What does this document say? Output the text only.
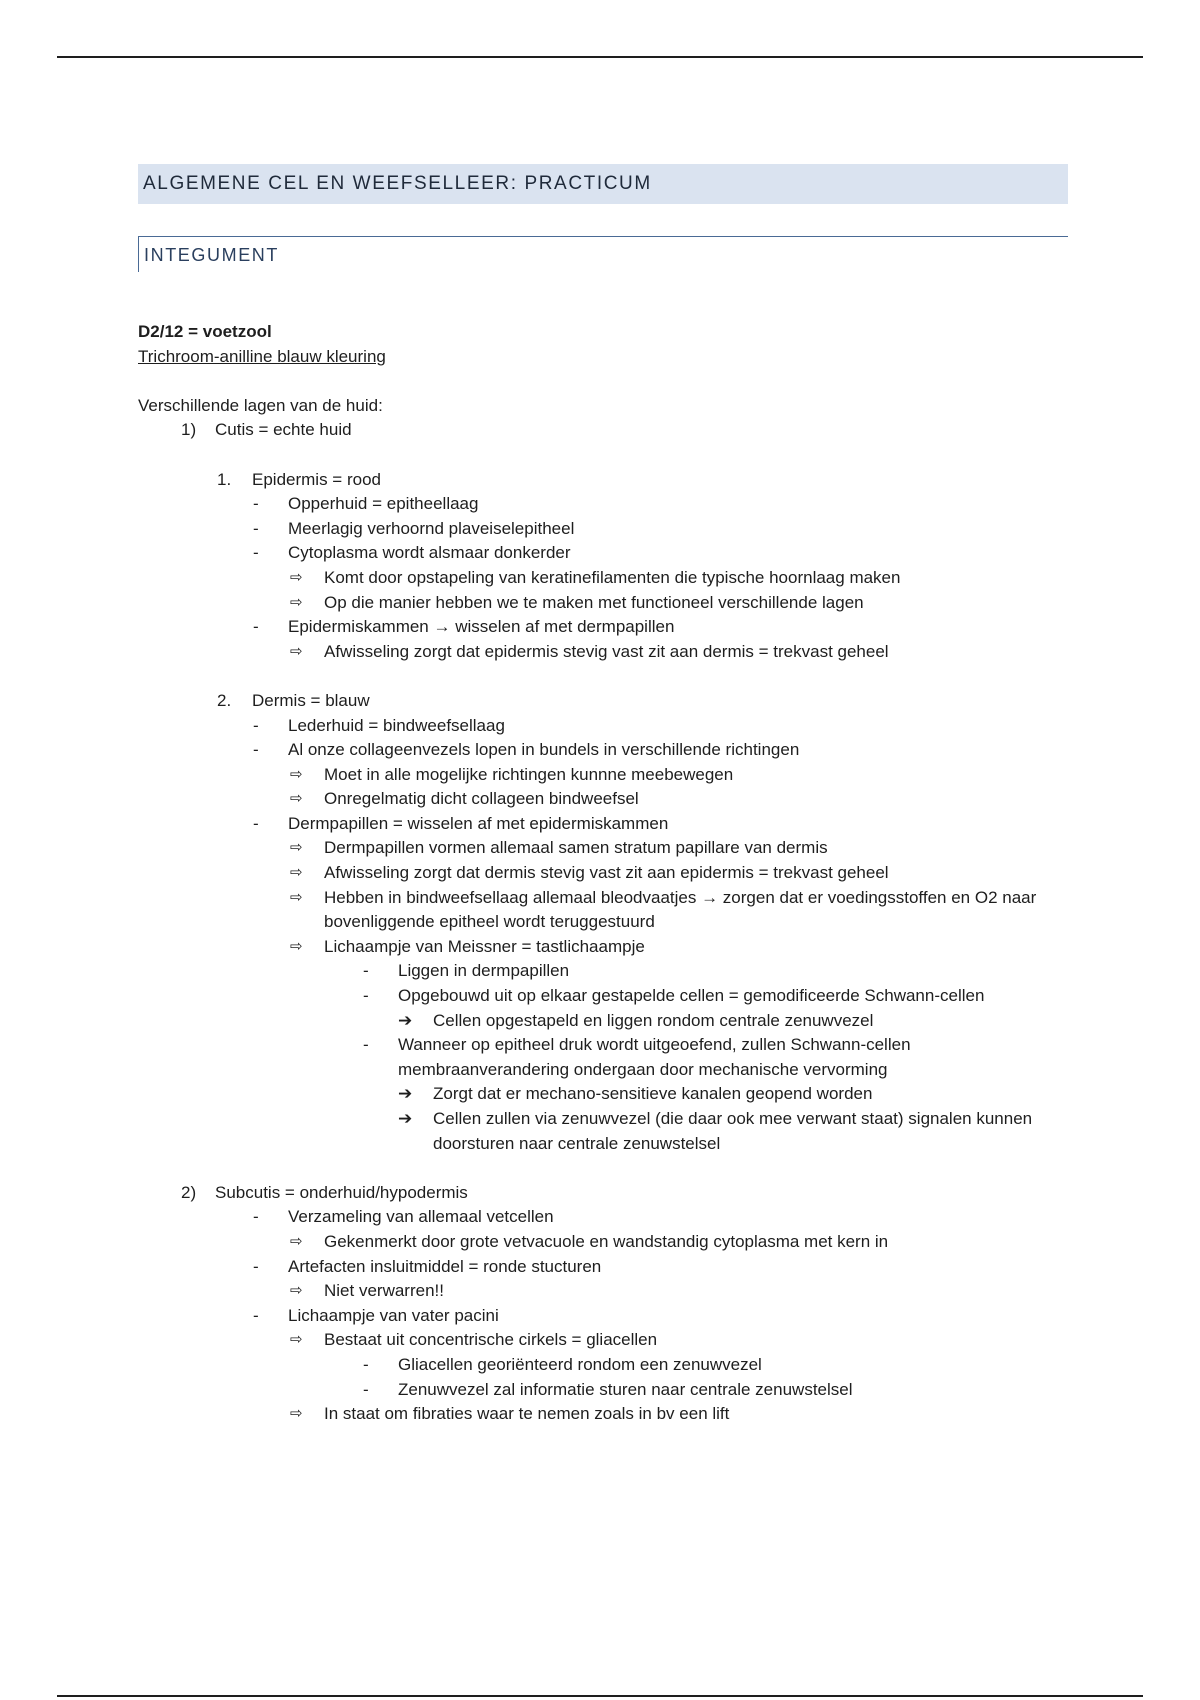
ALGEMENE CEL EN WEEFSELLEER: PRACTICUM
INTEGUMENT
D2/12 = voetzool
Trichroom-anilline blauw kleuring
Verschillende lagen van de huid:
1)	Cutis = echte huid
1.	Epidermis = rood
-	Opperhuid = epitheellaag
-	Meerlagig verhoornd plaveiselepitheel
-	Cytoplasma wordt alsmaar donkerder
⇨	Komt door opstapeling van keratinefilamenten die typische hoornlaag maken
⇨	Op die manier hebben we te maken met functioneel verschillende lagen
-	Epidermiskammen → wisselen af met dermpapillen
⇨	Afwisseling zorgt dat epidermis stevig vast zit aan dermis = trekvast geheel
2.	Dermis = blauw
-	Lederhuid = bindweefsellaag
-	Al onze collageenvezels lopen in bundels in verschillende richtingen
⇨	Moet in alle mogelijke richtingen kunnne meebewegen
⇨	Onregelmatig dicht collageen bindweefsel
-	Dermpapillen = wisselen af met epidermiskammen
⇨	Dermpapillen vormen allemaal samen stratum papillare van dermis
⇨	Afwisseling zorgt dat dermis stevig vast zit aan epidermis = trekvast geheel
⇨	Hebben in bindweefsellaag allemaal bleodvaatjes → zorgen dat er voedingsstoffen en O2 naar bovenliggende epitheel wordt teruggestuurd
⇨	Lichaampje van Meissner = tastlichaampje
-	Liggen in dermpapillen
-	Opgebouwd uit op elkaar gestapelde cellen = gemodificeerde Schwann-cellen
➔	Cellen opgestapeld en liggen rondom centrale zenuwvezel
-	Wanneer op epitheel druk wordt uitgeoefend, zullen Schwann-cellen membraanverandering ondergaan door mechanische vervorming
➔	Zorgt dat er mechano-sensitieve kanalen geopend worden
➔	Cellen zullen via zenuwvezel (die daar ook mee verwant staat) signalen kunnen doorsturen naar centrale zenuwstelsel
2)	Subcutis = onderhuid/hypodermis
-	Verzameling van allemaal vetcellen
⇨	Gekenmerkt door grote vetvacuole en wandstandig cytoplasma met kern in
-	Artefacten insluitmiddel = ronde stucturen
⇨	Niet verwarren!!
-	Lichaampje van vater pacini
⇨	Bestaat uit concentrische cirkels = gliacellen
-	Gliacellen georiënteerd rondom een zenuwvezel
-	Zenuwvezel zal informatie sturen naar centrale zenuwstelsel
⇨	In staat om fibraties waar te nemen zoals in bv een lift
